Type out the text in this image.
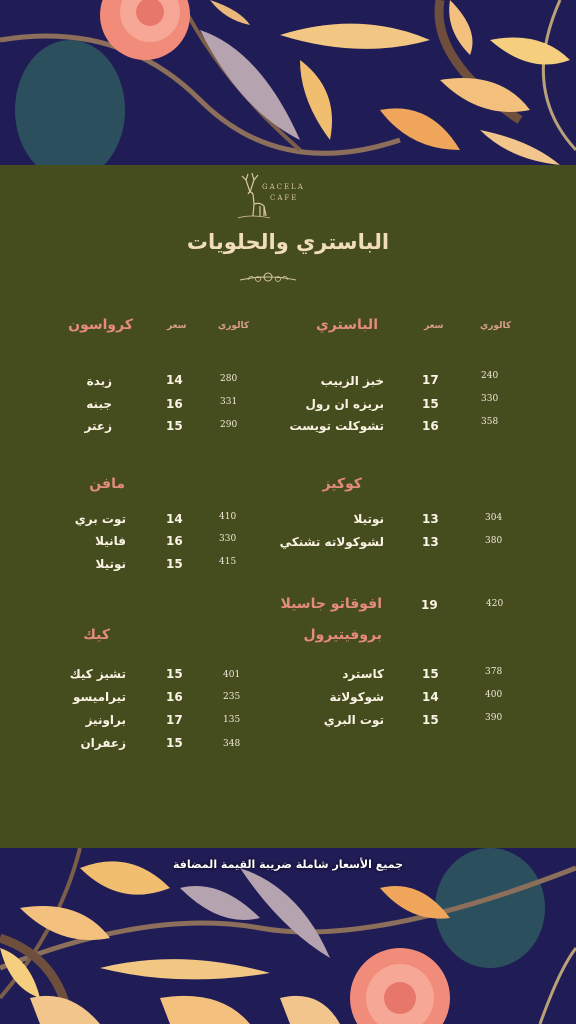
GACELA
CAFE
الباستري والحلويات
الباستري	سعر	كالوري
كرواسون	سعر	كالوري
خبز الزبيب	17	240
بريزه ان رول	15	330
تشوكلت تويست	16	358
زبدة	14	280
جبنه	16	331
زعتر	15	290
كوكيز
نوتيلا	13	304
لشوكولاته تشنكي	13	380
مافن
توت بري	14	410
فانيلا	16	330
نوتيلا	15	415
افوقاتو جاسيلا	19	420
بروفيتيرول
كاسترد	15	378
شوكولاتة	14	400
توت البري	15	390
كيك
تشيز كيك	15	401
تيراميسو	16	235
براونيز	17	135
زعفران	15	348
جميع الأسعار شاملة ضريبة القيمة المضافة
